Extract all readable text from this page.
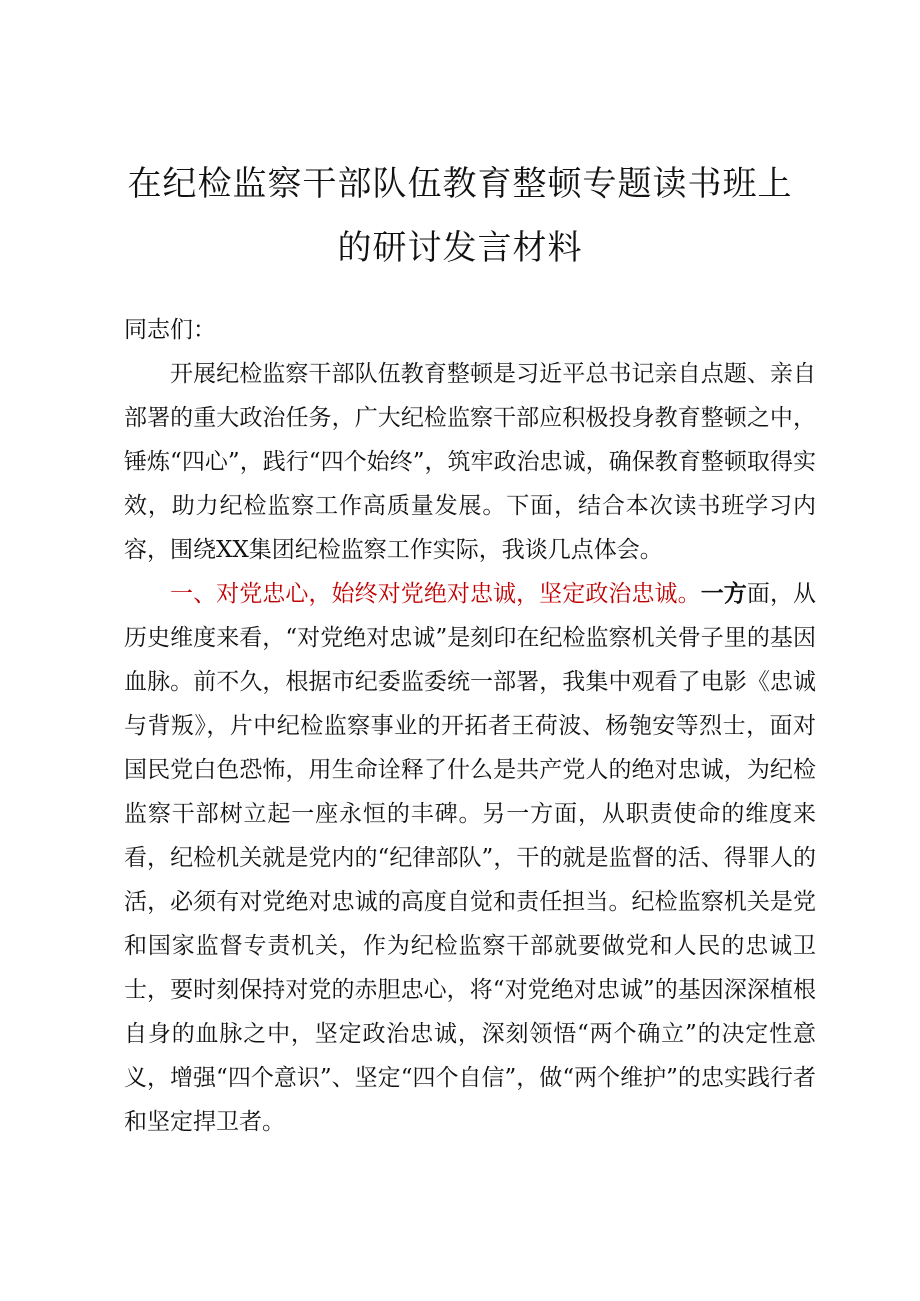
在纪检监察干部队伍教育整顿专题读书班上
的研讨发言材料

同志们：

开展纪检监察干部队伍教育整顿是习近平总书记亲自点题、亲自部署的重大政治任务，广大纪检监察干部应积极投身教育整顿之中，锤炼“四心”，践行“四个始终”，筑牢政治忠诚，确保教育整顿取得实效，助力纪检监察工作高质量发展。下面，结合本次读书班学习内容，围绕XX集团纪检监察工作实际，我谈几点体会。

一、对党忠心，始终对党绝对忠诚，坚定政治忠诚。一方面，从历史维度来看，“对党绝对忠诚”是刻印在纪检监察机关骨子里的基因血脉。前不久，根据市纪委监委统一部署，我集中观看了电影《忠诚与背叛》，片中纪检监察事业的开拓者王荷波、杨匏安等烈士，面对国民党白色恐怖，用生命诠释了什么是共产党人的绝对忠诚，为纪检监察干部树立起一座永恒的丰碑。另一方面，从职责使命的维度来看，纪检机关就是党内的“纪律部队”，干的就是监督的活、得罪人的活，必须有对党绝对忠诚的高度自觉和责任担当。纪检监察机关是党和国家监督专责机关，作为纪检监察干部就要做党和人民的忠诚卫士，要时刻保持对党的赤胆忠心，将“对党绝对忠诚”的基因深深植根自身的血脉之中，坚定政治忠诚，深刻领悟“两个确立”的决定性意义，增强“四个意识”、坚定“四个自信”，做“两个维护”的忠实践行者和坚定捍卫者。
